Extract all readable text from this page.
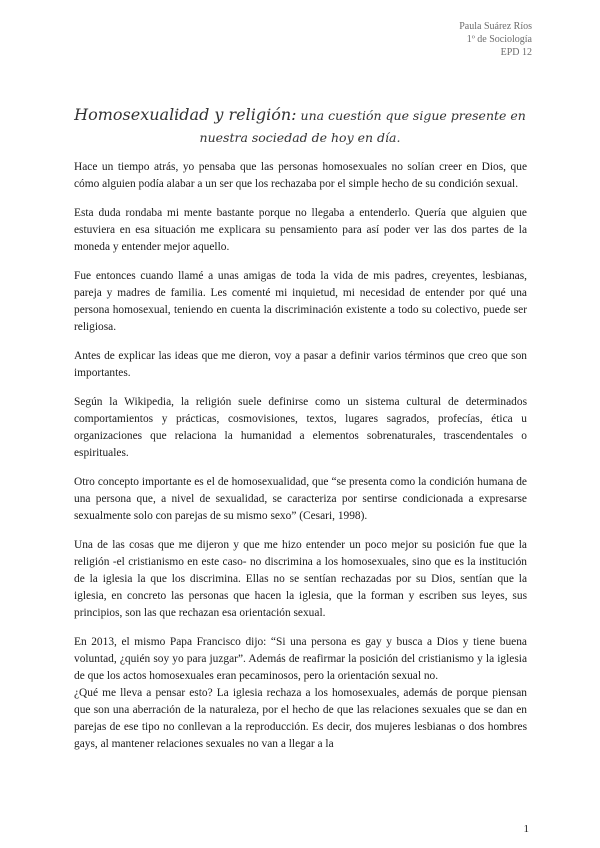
Paula Suárez Ríos
1º de Sociología
EPD 12
Homosexualidad y religión: una cuestión que sigue presente en nuestra sociedad de hoy en día.

Hace un tiempo atrás, yo pensaba que las personas homosexuales no solían creer en Dios, que cómo alguien podía alabar a un ser que los rechazaba por el simple hecho de su condición sexual.

Esta duda rondaba mi mente bastante porque no llegaba a entenderlo. Quería que alguien que estuviera en esa situación me explicara su pensamiento para así poder ver las dos partes de la moneda y entender mejor aquello.

Fue entonces cuando llamé a unas amigas de toda la vida de mis padres, creyentes, lesbianas, pareja y madres de familia. Les comenté mi inquietud, mi necesidad de entender por qué una persona homosexual, teniendo en cuenta la discriminación existente a todo su colectivo, puede ser religiosa.

Antes de explicar las ideas que me dieron, voy a pasar a definir varios términos que creo que son importantes.

Según la Wikipedia, la religión suele definirse como un sistema cultural de determinados comportamientos y prácticas, cosmovisiones, textos, lugares sagrados, profecías, ética u organizaciones que relaciona la humanidad a elementos sobrenaturales, trascendentales o espirituales.

Otro concepto importante es el de homosexualidad, que “se presenta como la condición humana de una persona que, a nivel de sexualidad, se caracteriza por sentirse condicionada a expresarse sexualmente solo con parejas de su mismo sexo” (Cesari, 1998).

Una de las cosas que me dijeron y que me hizo entender un poco mejor su posición fue que la religión -el cristianismo en este caso- no discrimina a los homosexuales, sino que es la institución de la iglesia la que los discrimina. Ellas no se sentían rechazadas por su Dios, sentían que la iglesia, en concreto las personas que hacen la iglesia, que la forman y escriben sus leyes, sus principios, son las que rechazan esa orientación sexual.

En 2013, el mismo Papa Francisco dijo: “Si una persona es gay y busca a Dios y tiene buena voluntad, ¿quién soy yo para juzgar”. Además de reafirmar la posición del cristianismo y la iglesia de que los actos homosexuales eran pecaminosos, pero la orientación sexual no.

¿Qué me lleva a pensar esto? La iglesia rechaza a los homosexuales, además de porque piensan que son una aberración de la naturaleza, por el hecho de que las relaciones sexuales que se dan en parejas de ese tipo no conllevan a la reproducción. Es decir, dos mujeres lesbianas o dos hombres gays, al mantener relaciones sexuales no van a llegar a la

1
